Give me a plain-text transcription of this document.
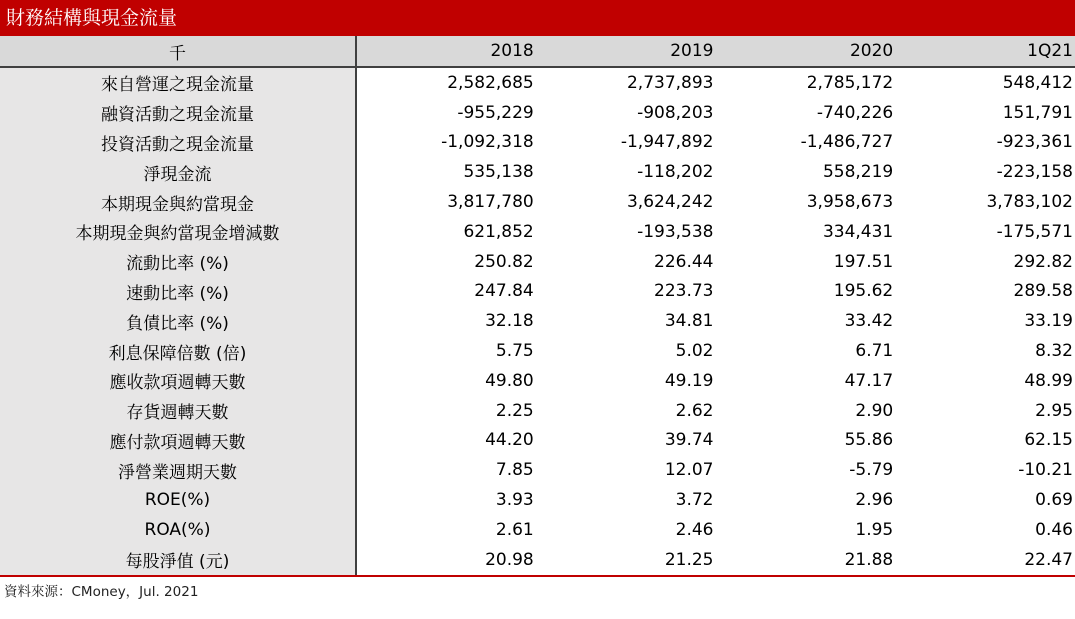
財務結構與現金流量
千	2018	2019	2020	1Q21
來自營運之現金流量	2,582,685	2,737,893	2,785,172	548,412
融資活動之現金流量	-955,229	-908,203	-740,226	151,791
投資活動之現金流量	-1,092,318	-1,947,892	-1,486,727	-923,361
淨現金流	535,138	-118,202	558,219	-223,158
本期現金與約當現金	3,817,780	3,624,242	3,958,673	3,783,102
本期現金與約當現金增減數	621,852	-193,538	334,431	-175,571
流動比率 (%)	250.82	226.44	197.51	292.82
速動比率 (%)	247.84	223.73	195.62	289.58
負債比率 (%)	32.18	34.81	33.42	33.19
利息保障倍數 (倍)	5.75	5.02	6.71	8.32
應收款項週轉天數	49.80	49.19	47.17	48.99
存貨週轉天數	2.25	2.62	2.90	2.95
應付款項週轉天數	44.20	39.74	55.86	62.15
淨營業週期天數	7.85	12.07	-5.79	-10.21
ROE(%)	3.93	3.72	2.96	0.69
ROA(%)	2.61	2.46	1.95	0.46
每股淨值 (元)	20.98	21.25	21.88	22.47
資料來源：CMoney，Jul. 2021
